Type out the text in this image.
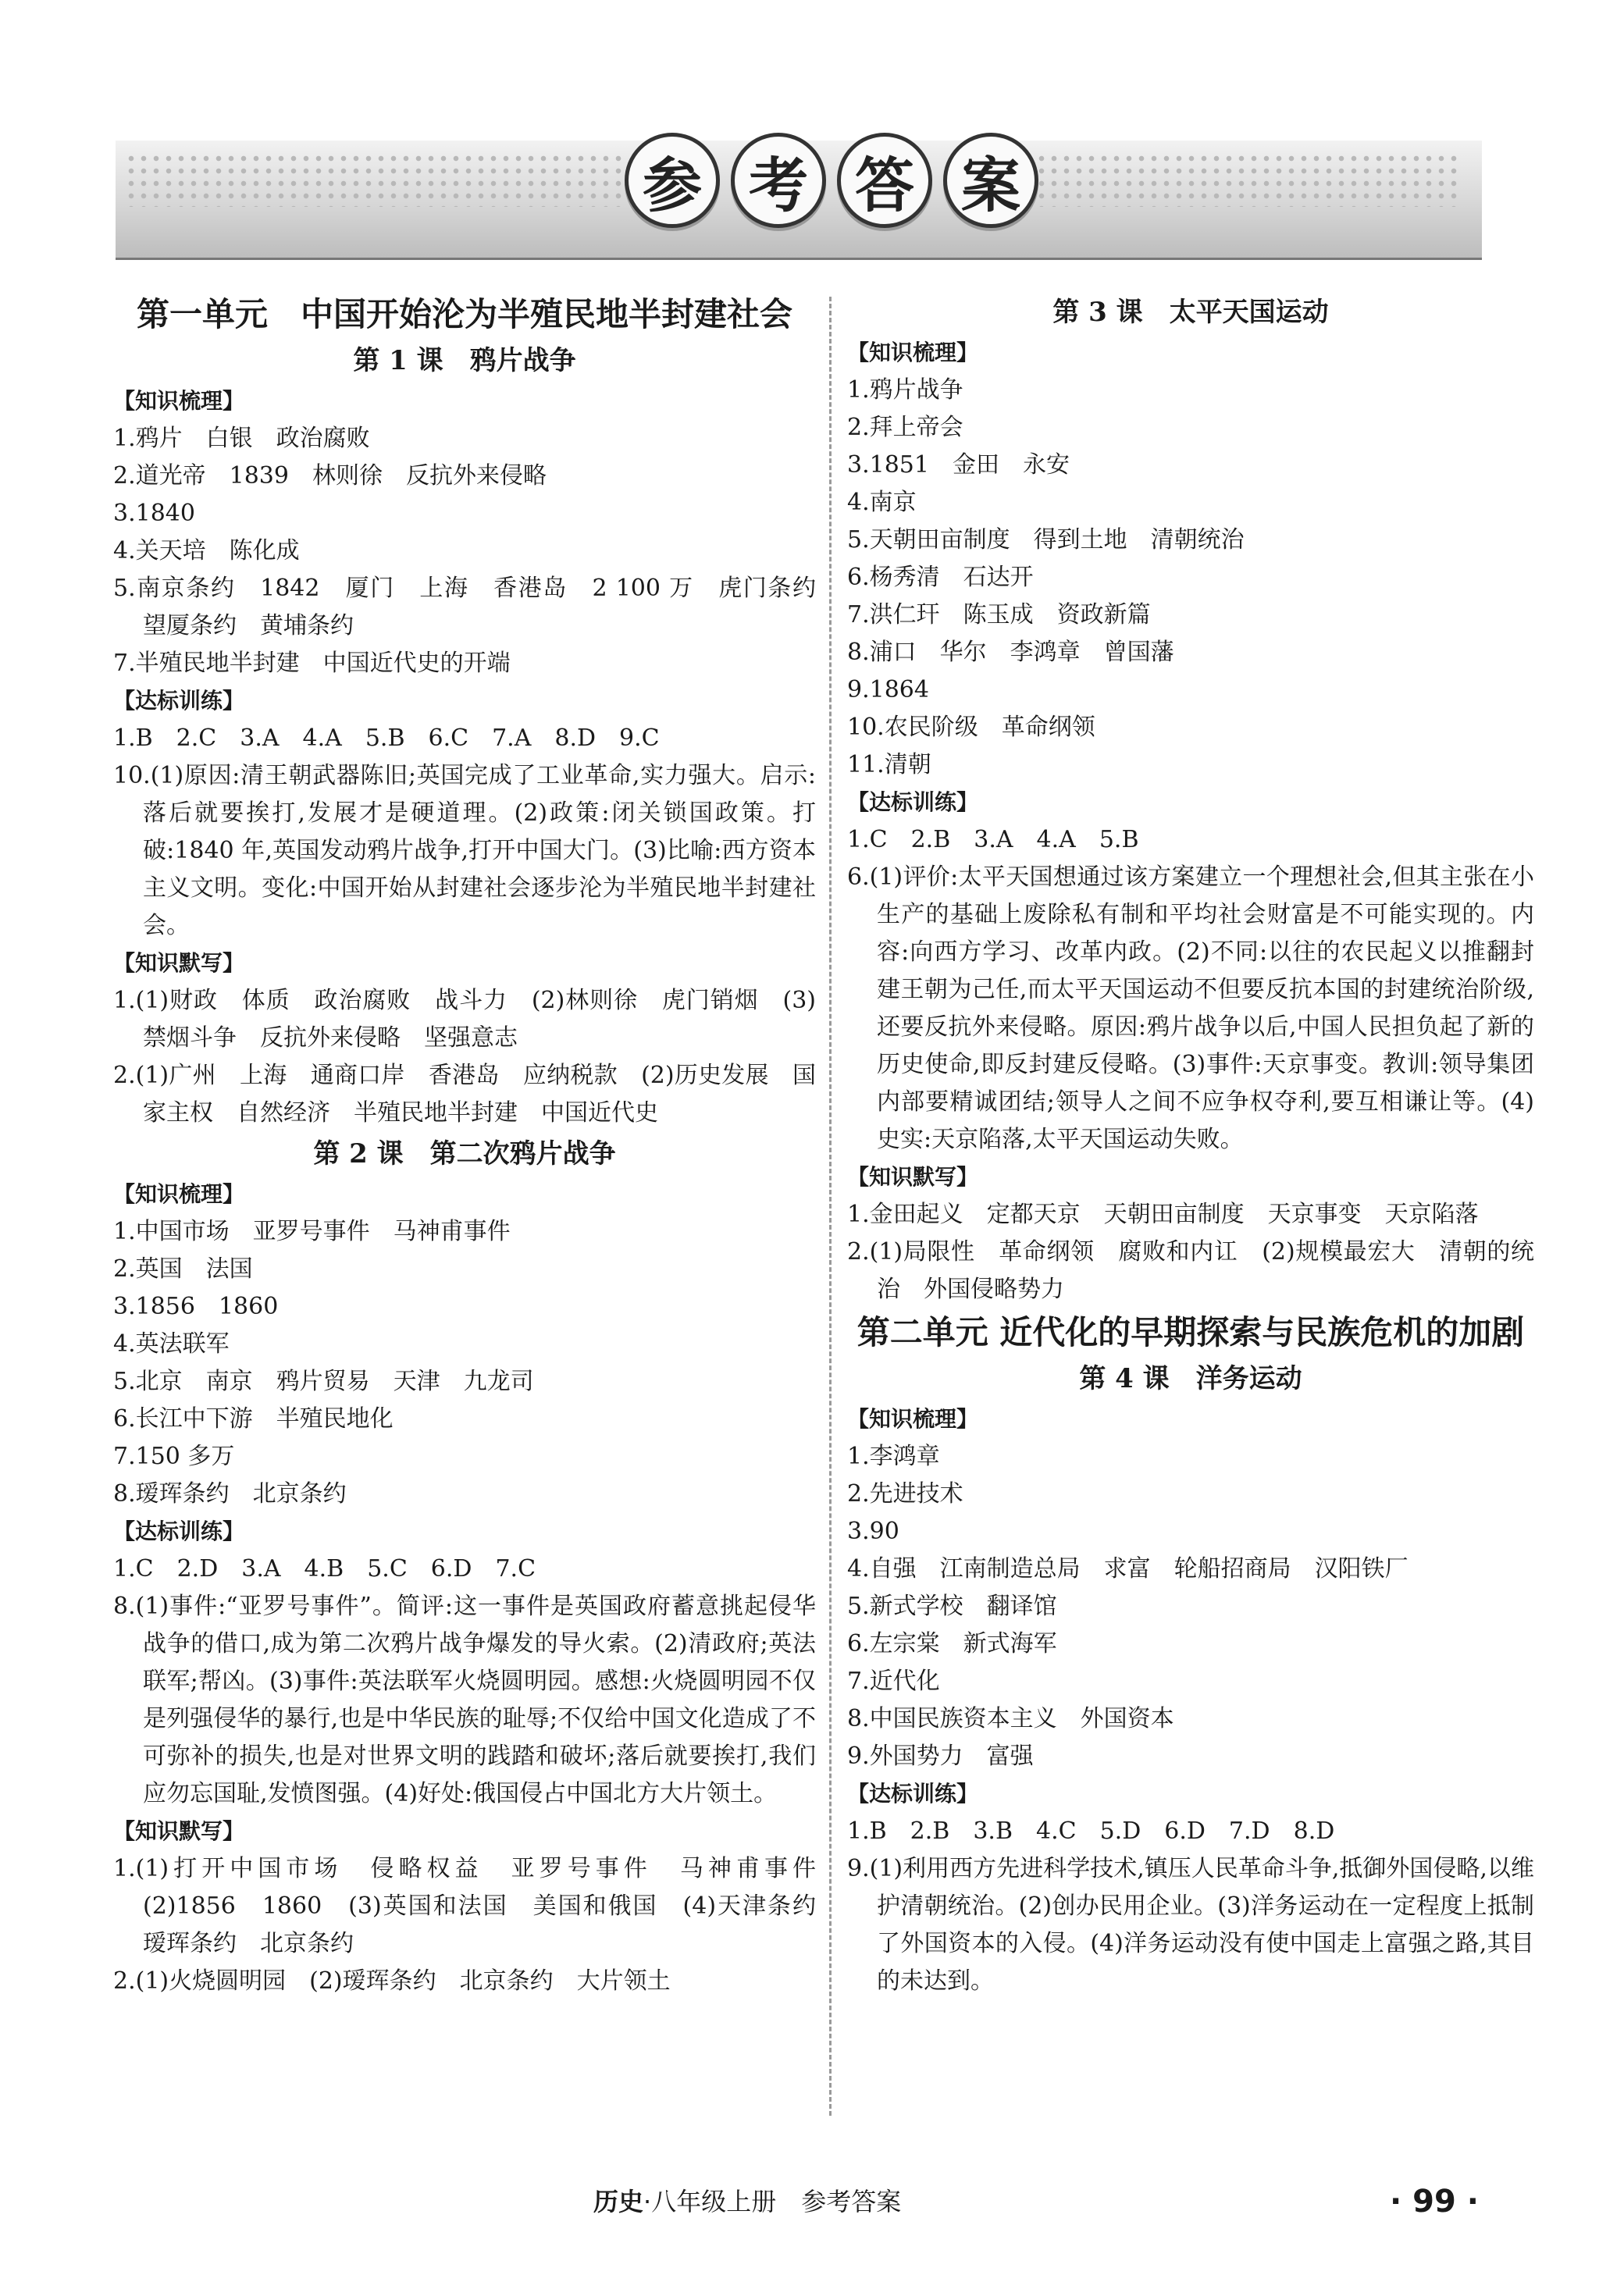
参 考 答 案
第一单元　中国开始沦为半殖民地半封建社会
第 1 课　鸦片战争
【知识梳理】
1.鸦片　白银　政治腐败
2.道光帝　1839　林则徐　反抗外来侵略
3.1840
4.关天培　陈化成
5.南京条约　1842　厦门　上海　香港岛　2 100 万　虎门条约　望厦条约　黄埔条约
7.半殖民地半封建　中国近代史的开端
【达标训练】
1.B　2.C　3.A　4.A　5.B　6.C　7.A　8.D　9.C
10.(1)原因:清王朝武器陈旧;英国完成了工业革命,实力强大。启示:落后就要挨打,发展才是硬道理。(2)政策:闭关锁国政策。打破:1840 年,英国发动鸦片战争,打开中国大门。(3)比喻:西方资本主义文明。变化:中国开始从封建社会逐步沦为半殖民地半封建社会。
【知识默写】
1.(1)财政　体质　政治腐败　战斗力　(2)林则徐　虎门销烟　(3)禁烟斗争　反抗外来侵略　坚强意志
2.(1)广州　上海　通商口岸　香港岛　应纳税款　(2)历史发展　国家主权　自然经济　半殖民地半封建　中国近代史
第 2 课　第二次鸦片战争
【知识梳理】
1.中国市场　亚罗号事件　马神甫事件
2.英国　法国
3.1856　1860
4.英法联军
5.北京　南京　鸦片贸易　天津　九龙司
6.长江中下游　半殖民地化
7.150 多万
8.瑷珲条约　北京条约
【达标训练】
1.C　2.D　3.A　4.B　5.C　6.D　7.C
8.(1)事件:“亚罗号事件”。简评:这一事件是英国政府蓄意挑起侵华战争的借口,成为第二次鸦片战争爆发的导火索。(2)清政府;英法联军;帮凶。(3)事件:英法联军火烧圆明园。感想:火烧圆明园不仅是列强侵华的暴行,也是中华民族的耻辱;不仅给中国文化造成了不可弥补的损失,也是对世界文明的践踏和破坏;落后就要挨打,我们应勿忘国耻,发愤图强。(4)好处:俄国侵占中国北方大片领土。
【知识默写】
1.(1)打开中国市场　侵略权益　亚罗号事件　马神甫事件　(2)1856　1860　(3)英国和法国　美国和俄国　(4)天津条约　瑷珲条约　北京条约
2.(1)火烧圆明园　(2)瑷珲条约　北京条约　大片领土
第 3 课　太平天国运动
【知识梳理】
1.鸦片战争
2.拜上帝会
3.1851　金田　永安
4.南京
5.天朝田亩制度　得到土地　清朝统治
6.杨秀清　石达开
7.洪仁玕　陈玉成　资政新篇
8.浦口　华尔　李鸿章　曾国藩
9.1864
10.农民阶级　革命纲领
11.清朝
【达标训练】
1.C　2.B　3.A　4.A　5.B
6.(1)评价:太平天国想通过该方案建立一个理想社会,但其主张在小生产的基础上废除私有制和平均社会财富是不可能实现的。内容:向西方学习、改革内政。(2)不同:以往的农民起义以推翻封建王朝为己任,而太平天国运动不但要反抗本国的封建统治阶级,还要反抗外来侵略。原因:鸦片战争以后,中国人民担负起了新的历史使命,即反封建反侵略。(3)事件:天京事变。教训:领导集团内部要精诚团结;领导人之间不应争权夺利,要互相谦让等。(4)史实:天京陷落,太平天国运动失败。
【知识默写】
1.金田起义　定都天京　天朝田亩制度　天京事变　天京陷落
2.(1)局限性　革命纲领　腐败和内讧　(2)规模最宏大　清朝的统治　外国侵略势力
第二单元 近代化的早期探索与民族危机的加剧
第 4 课　洋务运动
【知识梳理】
1.李鸿章
2.先进技术
3.90
4.自强　江南制造总局　求富　轮船招商局　汉阳铁厂
5.新式学校　翻译馆
6.左宗棠　新式海军
7.近代化
8.中国民族资本主义　外国资本
9.外国势力　富强
【达标训练】
1.B　2.B　3.B　4.C　5.D　6.D　7.D　8.D
9.(1)利用西方先进科学技术,镇压人民革命斗争,抵御外国侵略,以维护清朝统治。(2)创办民用企业。(3)洋务运动在一定程度上抵制了外国资本的入侵。(4)洋务运动没有使中国走上富强之路,其目的未达到。
历史·八年级上册　参考答案	· 99 ·
